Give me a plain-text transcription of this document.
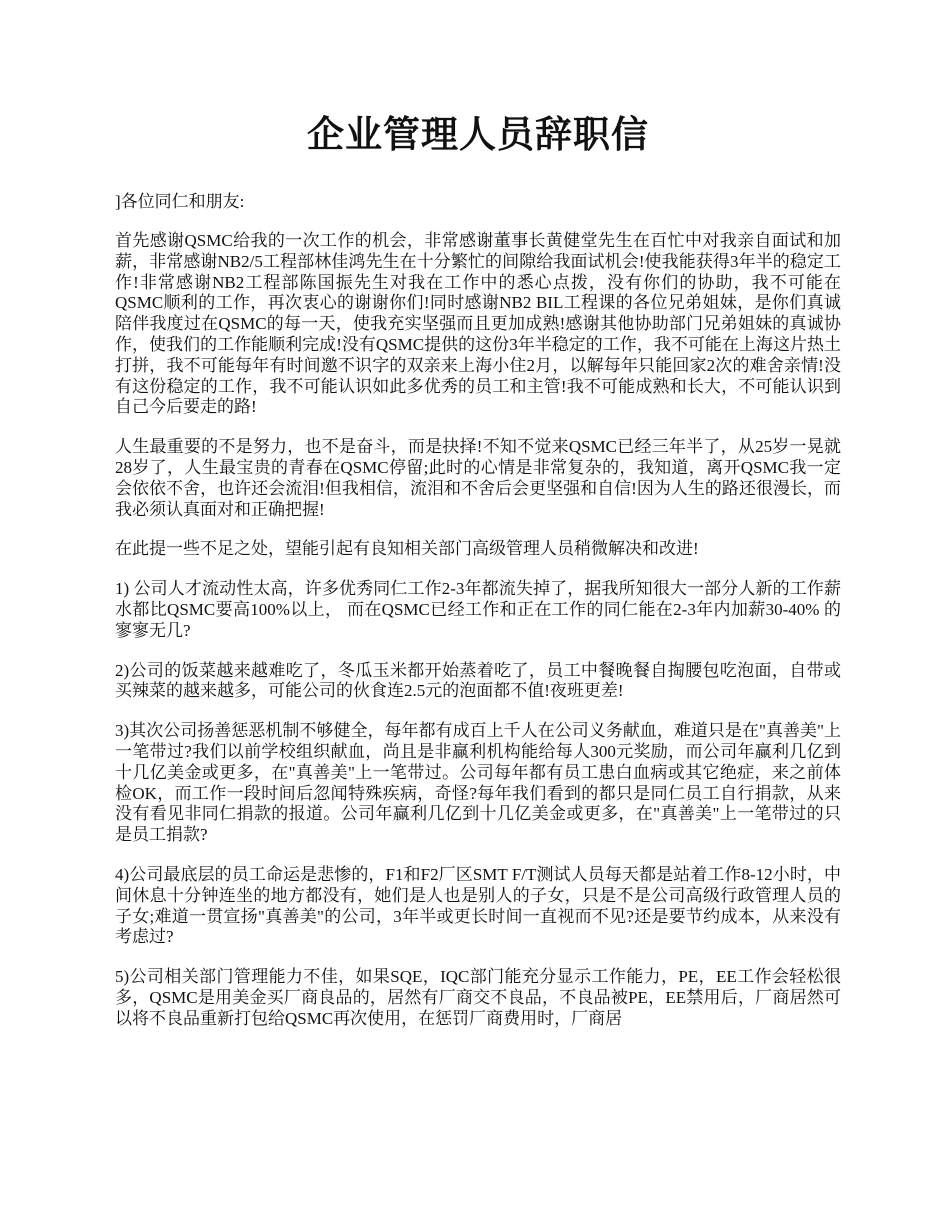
企业管理人员辞职信

]各位同仁和朋友:

首先感谢QSMC给我的一次工作的机会，非常感谢董事长黄健堂先生在百忙中对我亲自面试和加薪，非常感谢NB2/5工程部林佳鸿先生在十分繁忙的间隙给我面试机会!使我能获得3年半的稳定工作!非常感谢NB2工程部陈国振先生对我在工作中的悉心点拨，没有你们的协助，我不可能在QSMC顺利的工作，再次衷心的谢谢你们!同时感谢NB2 BIL工程课的各位兄弟姐妹，是你们真诚陪伴我度过在QSMC的每一天，使我充实坚强而且更加成熟!感谢其他协助部门兄弟姐妹的真诚协作，使我们的工作能顺利完成!没有QSMC提供的这份3年半稳定的工作，我不可能在上海这片热土打拼，我不可能每年有时间邀不识字的双亲来上海小住2月，以解每年只能回家2次的难舍亲情!没有这份稳定的工作，我不可能认识如此多优秀的员工和主管!我不可能成熟和长大，不可能认识到自己今后要走的路!

人生最重要的不是努力，也不是奋斗，而是抉择!不知不觉来QSMC已经三年半了，从25岁一晃就28岁了，人生最宝贵的青春在QSMC停留;此时的心情是非常复杂的，我知道，离开QSMC我一定会依依不舍，也许还会流泪!但我相信，流泪和不舍后会更坚强和自信!因为人生的路还很漫长，而我必须认真面对和正确把握!

在此提一些不足之处，望能引起有良知相关部门高级管理人员稍微解决和改进!

1) 公司人才流动性太高，许多优秀同仁工作2-3年都流失掉了，据我所知很大一部分人新的工作薪水都比QSMC要高100%以上， 而在QSMC已经工作和正在工作的同仁能在2-3年内加薪30-40% 的寥寥无几?

2)公司的饭菜越来越难吃了，冬瓜玉米都开始蒸着吃了，员工中餐晚餐自掏腰包吃泡面，自带或买辣菜的越来越多，可能公司的伙食连2.5元的泡面都不值!夜班更差!

3)其次公司扬善惩恶机制不够健全，每年都有成百上千人在公司义务献血，难道只是在"真善美"上一笔带过?我们以前学校组织献血，尚且是非赢利机构能给每人300元奖励，而公司年赢利几亿到十几亿美金或更多，在"真善美"上一笔带过。公司每年都有员工患白血病或其它绝症，来之前体检OK，而工作一段时间后忽闻特殊疾病，奇怪?每年我们看到的都只是同仁员工自行捐款，从来没有看见非同仁捐款的报道。公司年赢利几亿到十几亿美金或更多，在"真善美"上一笔带过的只是员工捐款?

4)公司最底层的员工命运是悲惨的，F1和F2厂区SMT F/T测试人员每天都是站着工作8-12小时，中间休息十分钟连坐的地方都没有，她们是人也是别人的子女，只是不是公司高级行政管理人员的子女;难道一贯宣扬"真善美"的公司，3年半或更长时间一直视而不见?还是要节约成本，从来没有考虑过?

5)公司相关部门管理能力不佳，如果SQE，IQC部门能充分显示工作能力，PE，EE工作会轻松很多，QSMC是用美金买厂商良品的，居然有厂商交不良品，不良品被PE，EE禁用后，厂商居然可以将不良品重新打包给QSMC再次使用，在惩罚厂商费用时，厂商居
